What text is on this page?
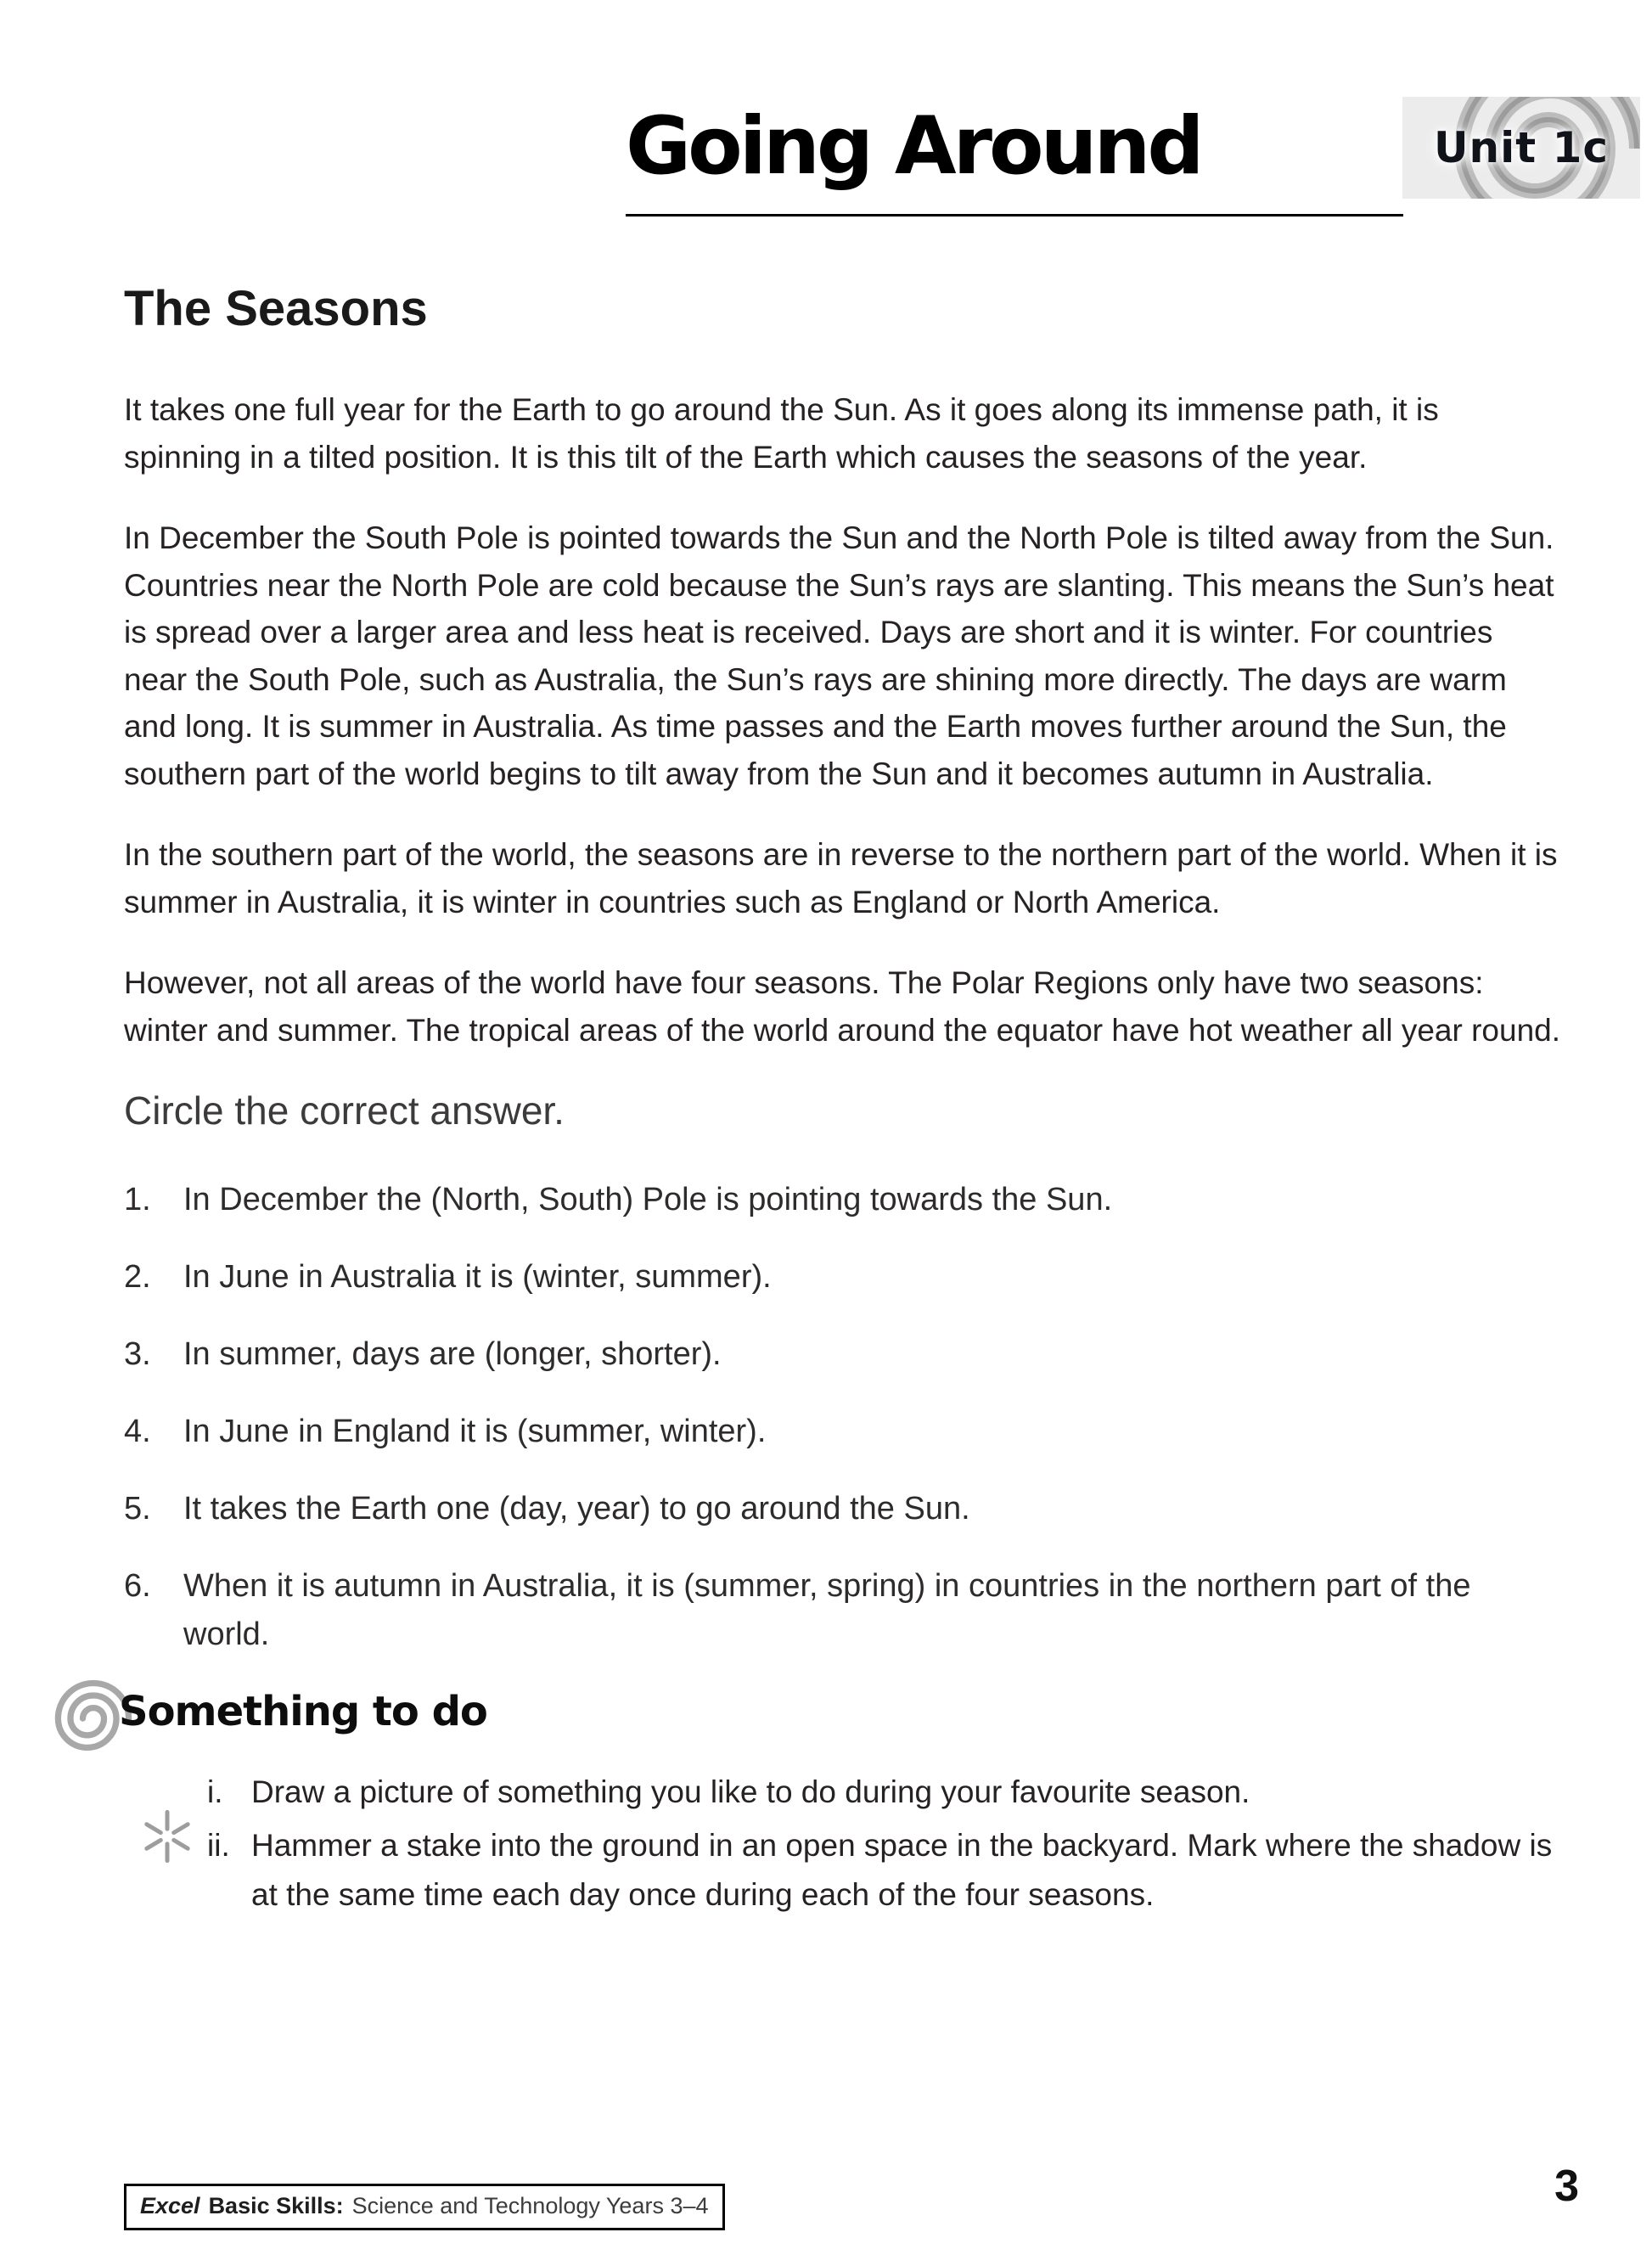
Going Around	Unit 1c
The Seasons

It takes one full year for the Earth to go around the Sun. As it goes along its immense path, it is spinning in a tilted position. It is this tilt of the Earth which causes the seasons of the year.

In December the South Pole is pointed towards the Sun and the North Pole is tilted away from the Sun. Countries near the North Pole are cold because the Sun’s rays are slanting. This means the Sun’s heat is spread over a larger area and less heat is received. Days are short and it is winter. For countries near the South Pole, such as Australia, the Sun’s rays are shining more directly. The days are warm and long. It is summer in Australia. As time passes and the Earth moves further around the Sun, the southern part of the world begins to tilt away from the Sun and it becomes autumn in Australia.

In the southern part of the world, the seasons are in reverse to the northern part of the world. When it is summer in Australia, it is winter in countries such as England or North America.

However, not all areas of the world have four seasons. The Polar Regions only have two seasons: winter and summer. The tropical areas of the world around the equator have hot weather all year round.

Circle the correct answer.
1.	In December the (North, South) Pole is pointing towards the Sun.
2.	In June in Australia it is (winter, summer).
3.	In summer, days are (longer, shorter).
4.	In June in England it is (summer, winter).
5.	It takes the Earth one (day, year) to go around the Sun.
6.	When it is autumn in Australia, it is (summer, spring) in countries in the northern part of the world.
Something to do
i. Draw a picture of something you like to do during your favourite season.
ii. Hammer a stake into the ground in an open space in the backyard. Mark where the shadow is at the same time each day once during each of the four seasons.
Excel Basic Skills: Science and Technology Years 3–4	3
